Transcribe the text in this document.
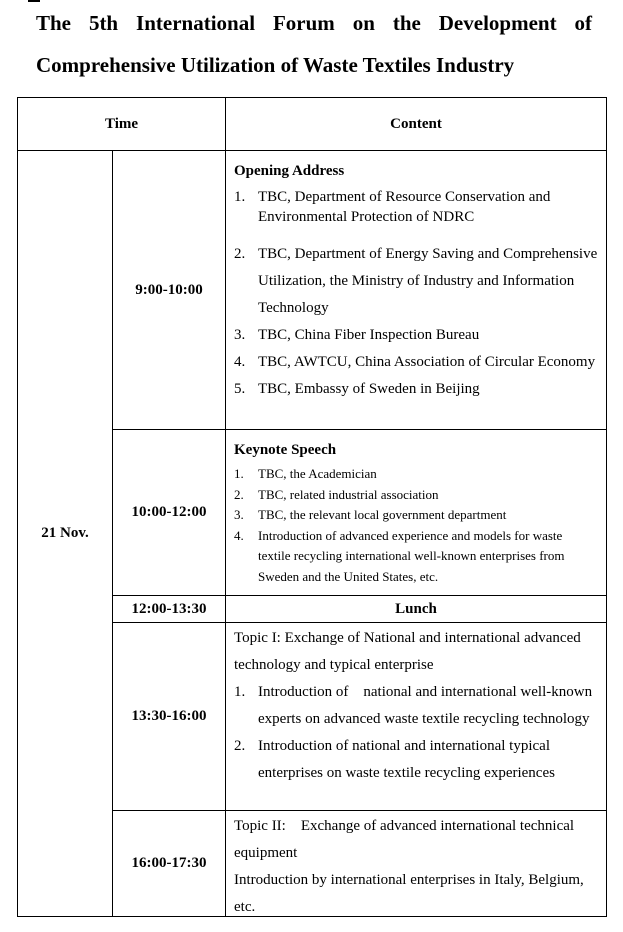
The 5th International Forum on the Development of
Comprehensive Utilization of Waste Textiles Industry
Time	Content
21 Nov.
9:00-10:00
Opening Address
1. TBC, Department of Resource Conservation and Environmental Protection of NDRC
2. TBC, Department of Energy Saving and Comprehensive Utilization, the Ministry of Industry and Information Technology
3. TBC, China Fiber Inspection Bureau
4. TBC, AWTCU, China Association of Circular Economy
5. TBC, Embassy of Sweden in Beijing
10:00-12:00
Keynote Speech
1. TBC, the Academician
2. TBC, related industrial association
3. TBC, the relevant local government department
4. Introduction of advanced experience and models for waste textile recycling international well-known enterprises from Sweden and the United States, etc.
12:00-13:30	Lunch
13:30-16:00
Topic I: Exchange of National and international advanced technology and typical enterprise
1. Introduction of    national and international well-known experts on advanced waste textile recycling technology
2. Introduction of national and international typical enterprises on waste textile recycling experiences
16:00-17:30
Topic II:    Exchange of advanced international technical equipment
Introduction by international enterprises in Italy, Belgium, etc.
